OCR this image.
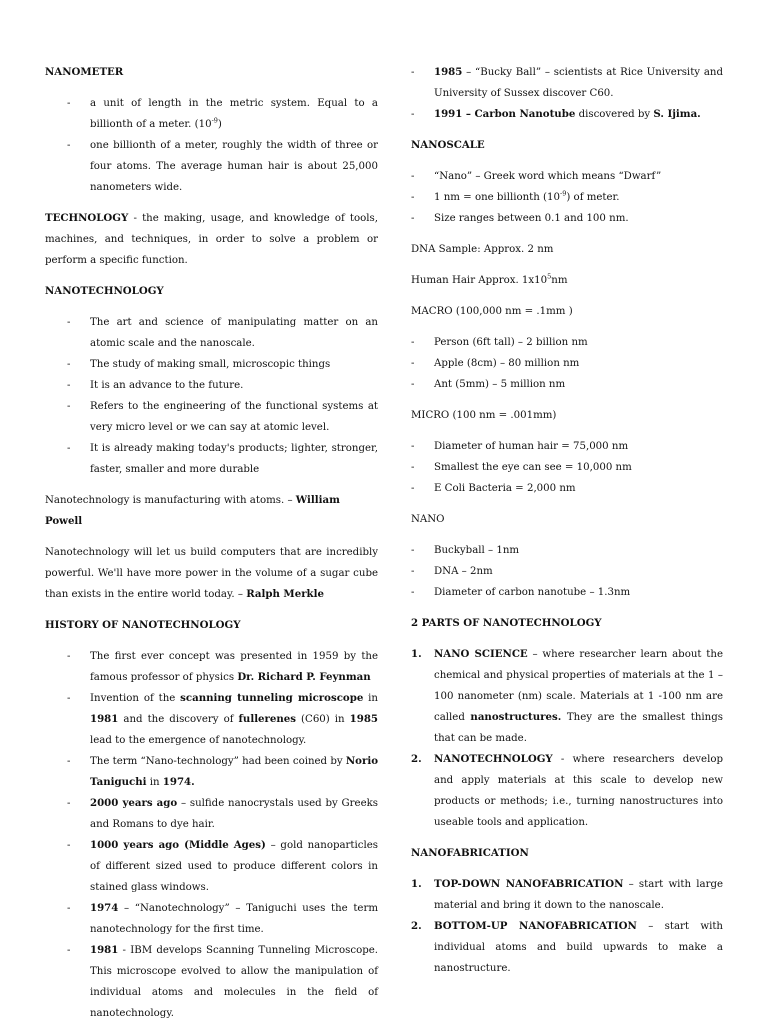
NANOMETER
- a unit of length in the metric system. Equal to a billionth of a meter. $(10^{-9})$
- one billionth of a meter, roughly the width of three or four atoms. The average human hair is about 25,000 nanometers wide.

TECHNOLOGY - the making, usage, and knowledge of tools, machines, and techniques, in order to solve a problem or perform a specific function.

NANOTECHNOLOGY
- The art and science of manipulating matter on an atomic scale and the nanoscale.
- The study of making small, microscopic things
- It is an advance to the future.
- Refers to the engineering of the functional systems at very micro level or we can say at atomic level.
- It is already making today's products; lighter, stronger, faster, smaller and more durable

Nanotechnology is manufacturing with atoms. – William Powell

Nanotechnology will let us build computers that are incredibly powerful. We'll have more power in the volume of a sugar cube than exists in the entire world today. – Ralph Merkle

HISTORY OF NANOTECHNOLOGY
- The first ever concept was presented in 1959 by the famous professor of physics Dr. Richard P. Feynman
- Invention of the scanning tunneling microscope in 1981 and the discovery of fullerenes (C60) in 1985 lead to the emergence of nanotechnology.
- The term “Nano-technology” had been coined by Norio Taniguchi in 1974.
- 2000 years ago – sulfide nanocrystals used by Greeks and Romans to dye hair.
- 1000 years ago (Middle Ages) – gold nanoparticles of different sized used to produce different colors in stained glass windows.
- 1974 – “Nanotechnology” – Taniguchi uses the term nanotechnology for the first time.
- 1981 - IBM develops Scanning Tunneling Microscope. This microscope evolved to allow the manipulation of individual atoms and molecules in the field of nanotechnology.
- 1985 – “Bucky Ball” – scientists at Rice University and University of Sussex discover C60.
- 1991 – Carbon Nanotube discovered by S. Ijima.
NANOSCALE
- “Nano” – Greek word which means “Dwarf”
- 1 nm = one billionth $(10^{-9})$ of meter.
- Size ranges between 0.1 and 100 nm.

DNA Sample: Approx. 2 nm

Human Hair Approx. $1x10^5nm$

MACRO (100,000 nm = .1mm )

- Person (6ft tall) – 2 billion nm
- Apple (8cm) – 80 million nm
- Ant (5mm) – 5 million nm

MICRO (100 nm = .001mm)

- Diameter of human hair = 75,000 nm
- Smallest the eye can see = 10,000 nm
- E Coli Bacteria = 2,000 nm

NANO

- Buckyball – 1nm
- DNA – 2nm
- Diameter of carbon nanotube – 1.3nm
2 PARTS OF NANOTECHNOLOGY
1. NANO SCIENCE – where researcher learn about the chemical and physical properties of materials at the 1 – 100 nanometer (nm) scale. Materials at 1 -100 nm are called nanostructures. They are the smallest things that can be made.
2. NANOTECHNOLOGY - where researchers develop and apply materials at this scale to develop new products or methods; i.e., turning nanostructures into useable tools and application.
NANOFABRICATION
1. TOP-DOWN NANOFABRICATION – start with large material and bring it down to the nanoscale.
2. BOTTOM-UP NANOFABRICATION – start with individual atoms and build upwards to make a nanostructure.
